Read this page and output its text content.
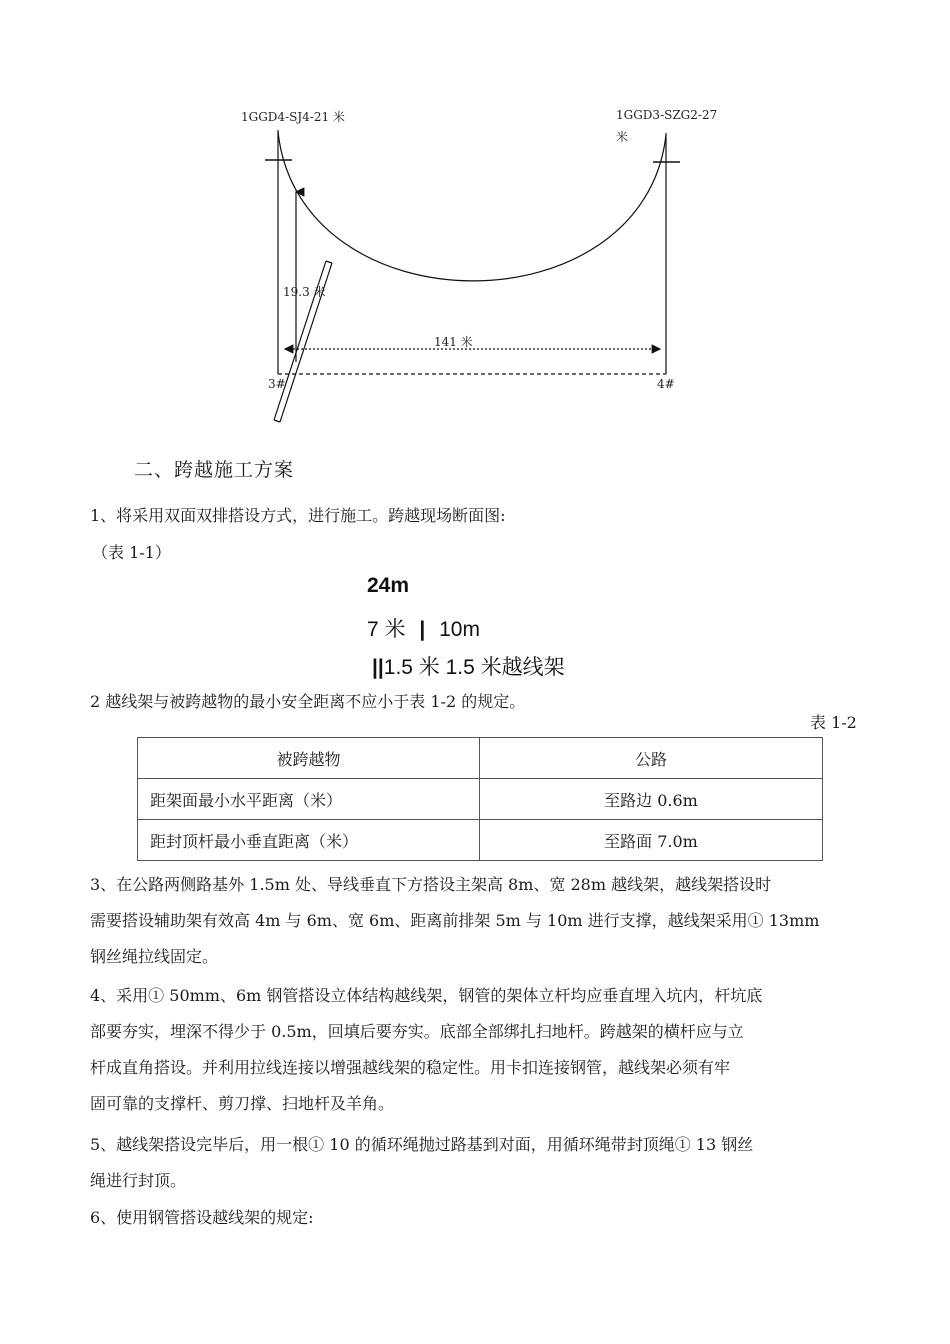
1GGD4-SJ4-21 米	1GGD3-SZG2-27
米
19.3 米
141 米
3#	4#
二、跨越施工方案
1、将采用双面双排搭设方式，进行施工。跨越现场断面图:
（表 1-1）
24m
7 米 | 10m
||1.5 米 1.5 米越线架
2 越线架与被跨越物的最小安全距离不应小于表 1-2 的规定。
表 1-2
被跨越物	公路
距架面最小水平距离（米）	至路边 0.6m
距封顶杆最小垂直距离（米）	至路面 7.0m
3、在公路两侧路基外 1.5m 处、导线垂直下方搭设主架高 8m、宽 28m 越线架，越线架搭设时
需要搭设辅助架有效高 4m 与 6m、宽 6m、距离前排架 5m 与 10m 进行支撑，越线架采用① 13mm
钢丝绳拉线固定。
4、采用① 50mm、6m 钢管搭设立体结构越线架，钢管的架体立杆均应垂直埋入坑内，杆坑底
部要夯实，埋深不得少于 0.5m，回填后要夯实。底部全部绑扎扫地杆。跨越架的横杆应与立
杆成直角搭设。并利用拉线连接以增强越线架的稳定性。用卡扣连接钢管，越线架必须有牢
固可靠的支撑杆、剪刀撑、扫地杆及羊角。
5、越线架搭设完毕后，用一根① 10 的循环绳抛过路基到对面，用循环绳带封顶绳① 13 钢丝
绳进行封顶。
6、使用钢管搭设越线架的规定:
